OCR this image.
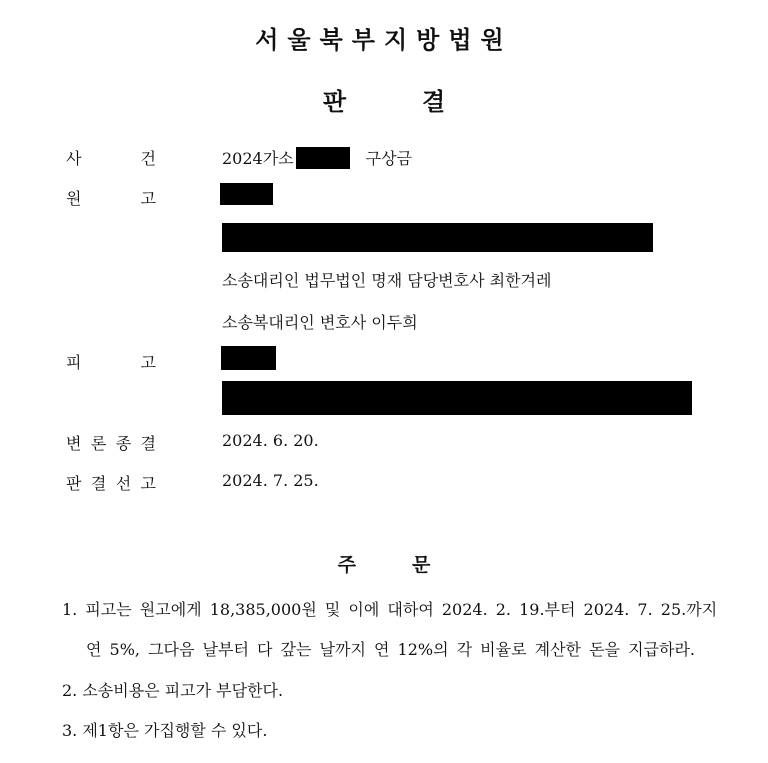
서울북부지방법원
판	결
사	건	2024가소	구상금
원	고
소송대리인 법무법인 명재 담당변호사 최한겨레
소송복대리인 변호사 이두희
피	고
변 론 종 결	2024. 6. 20.
판 결 선 고	2024. 7. 25.
주	문
1. 피고는 원고에게 18,385,000원 및 이에 대하여 2024. 2. 19.부터 2024. 7. 25.까지
연 5%, 그다음 날부터 다 갚는 날까지 연 12%의 각 비율로 계산한 돈을 지급하라.
2. 소송비용은 피고가 부담한다.
3. 제1항은 가집행할 수 있다.
